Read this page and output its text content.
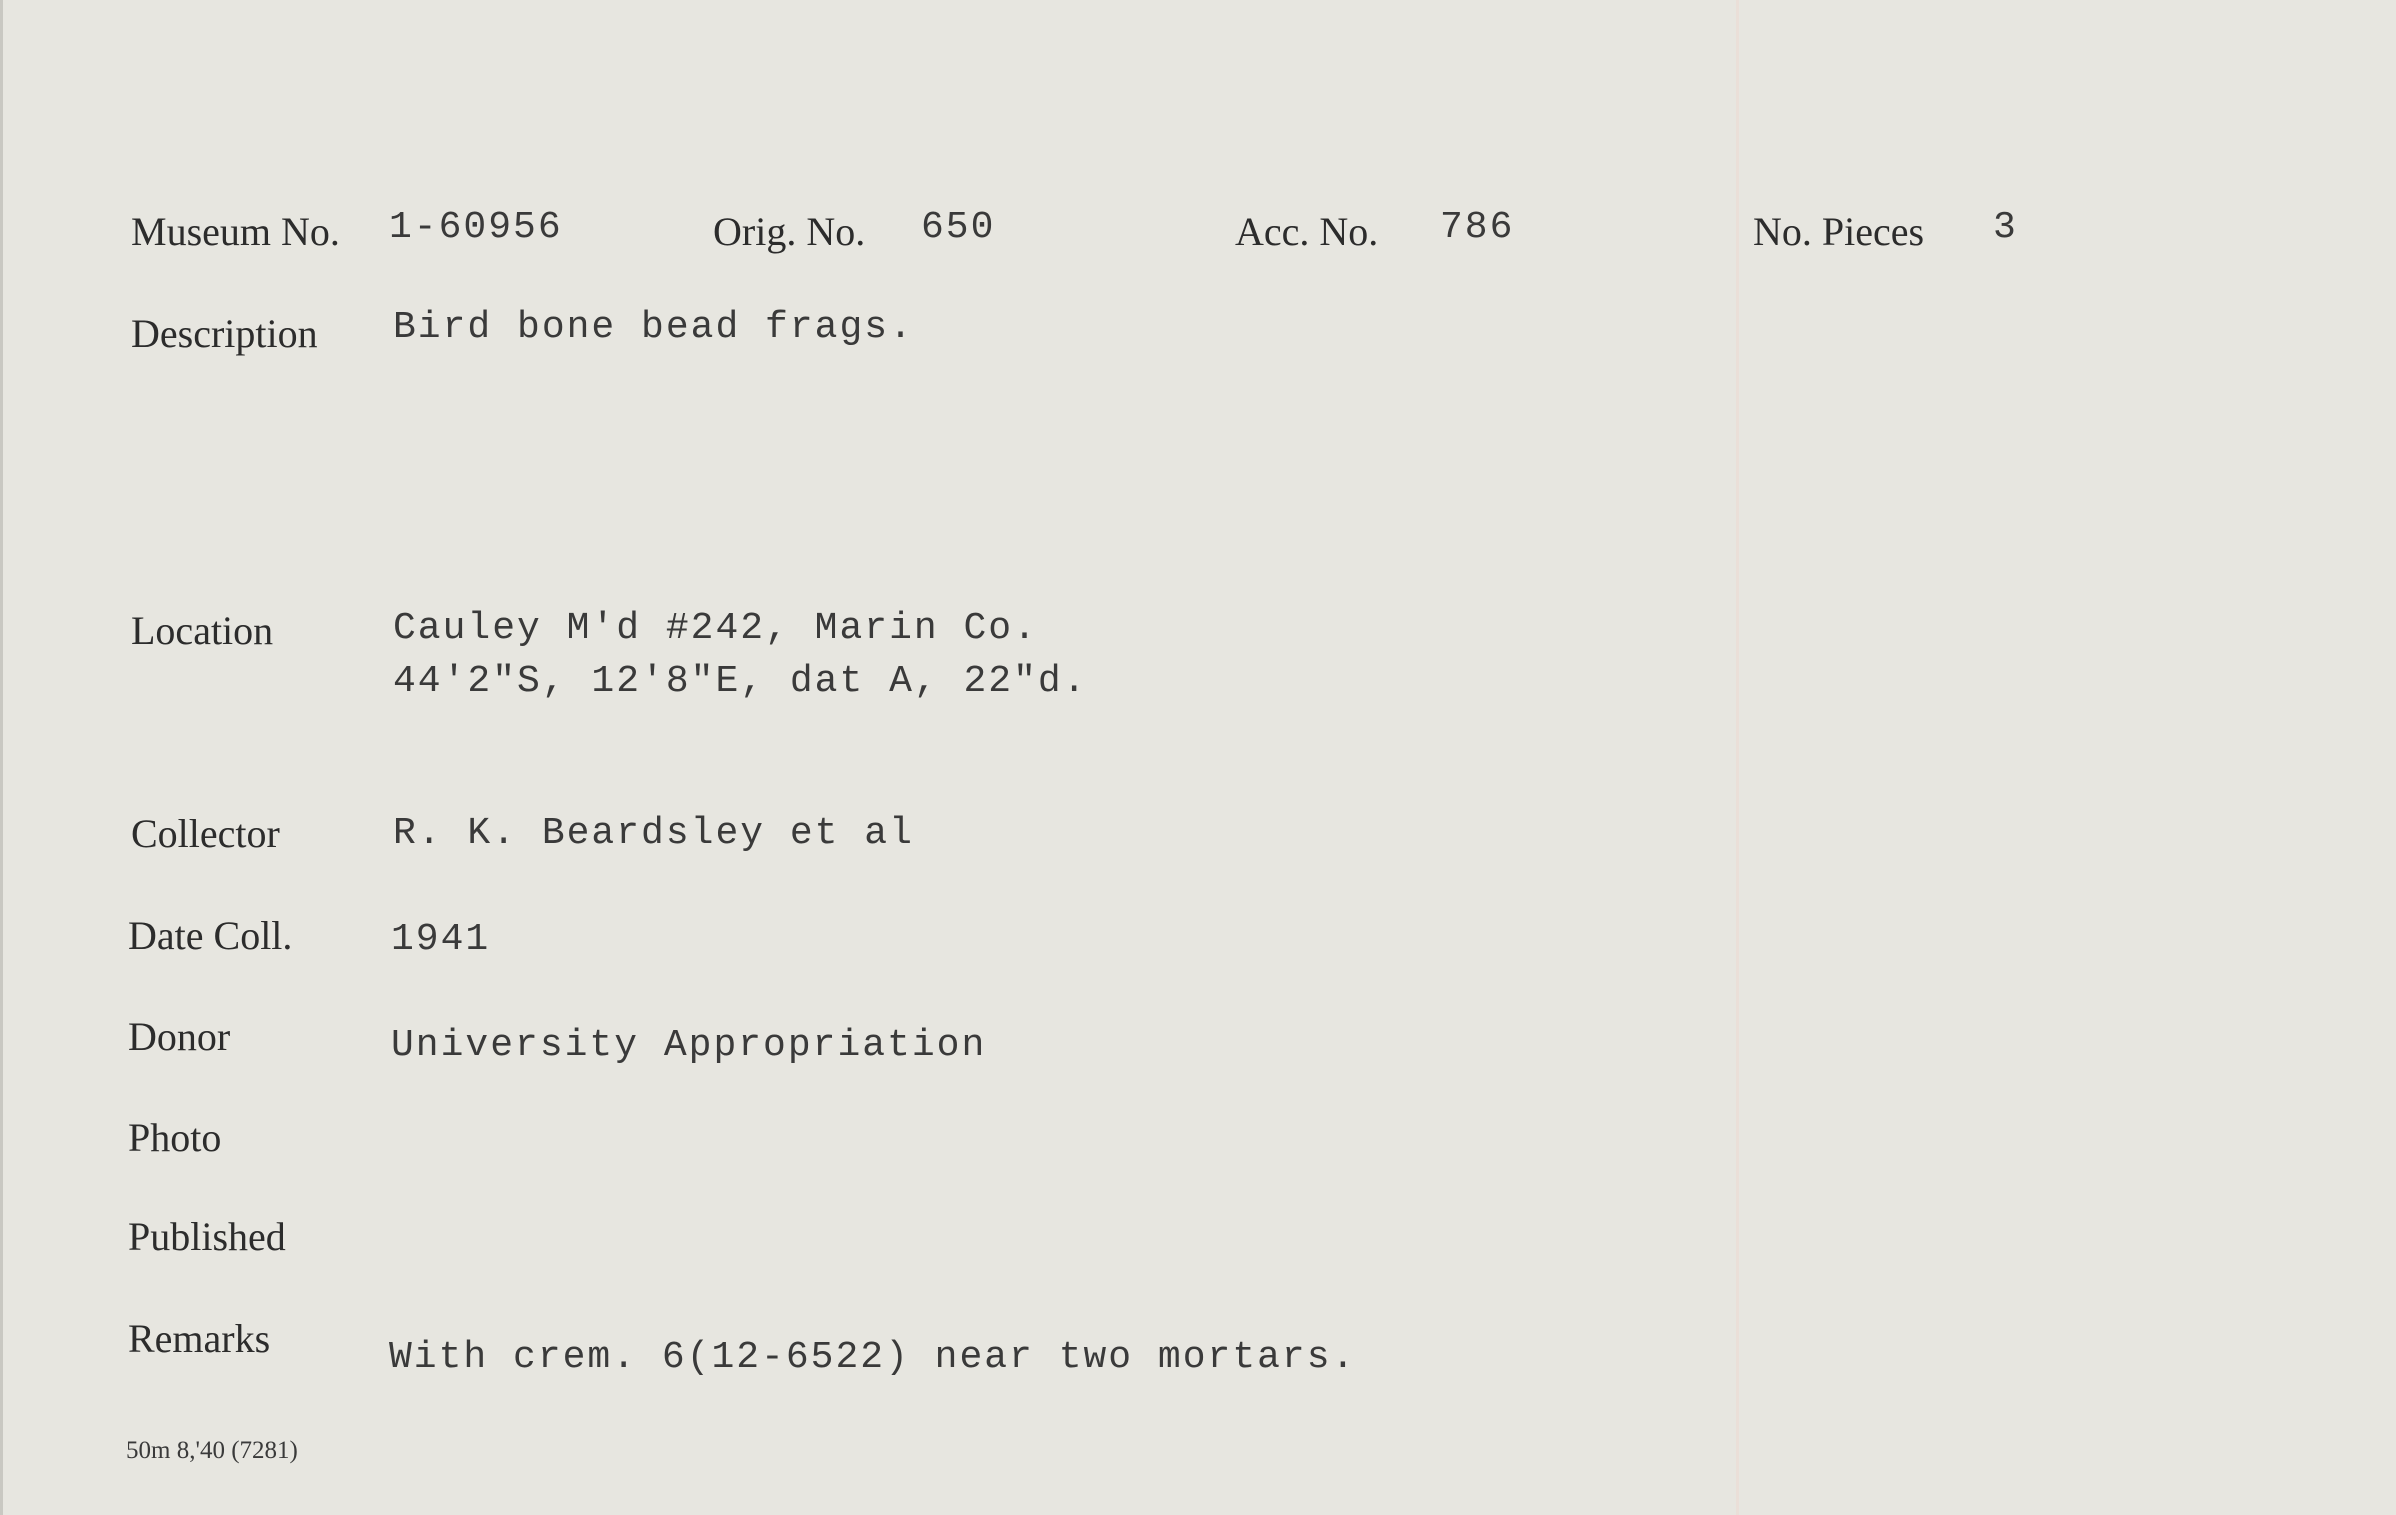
Museum No. 1-60956	Orig. No. 650	Acc. No. 786	No. Pieces 3
Description Bird bone bead frags.
Location	Cauley M'd #242, Marin Co.
44'2"S, 12'8"E, dat A, 22"d.
Collector	R. K. Beardsley et al
Date Coll.	1941
Donor	University Appropriation
Photo
Published
Remarks	With crem. 6(12-6522) near two mortars.
50m 8,'40 (7281)
